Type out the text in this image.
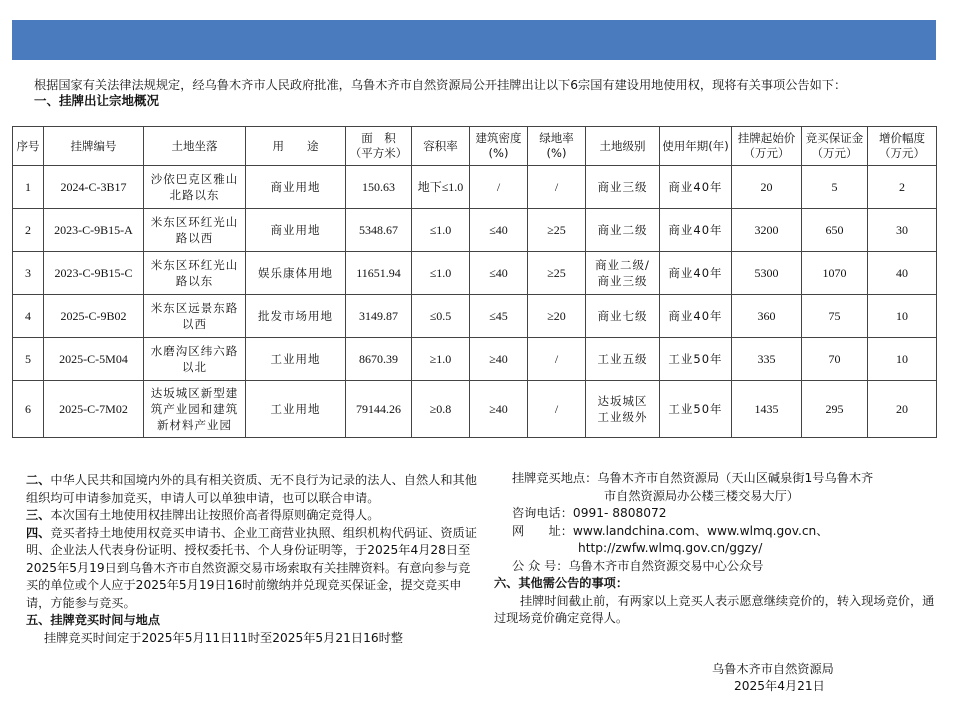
根据国家有关法律法规规定，经乌鲁木齐市人民政府批准，乌鲁木齐市自然资源局公开挂牌出让以下6宗国有建设用地使用权，现将有关事项公告如下：
一、挂牌出让宗地概况
序号	挂牌编号	土地坐落	用　　途	面　积
（平方米）	容积率	建筑密度
(%)	绿地率
(%)	土地级别	使用年期(年)	挂牌起始价
（万元）	竞买保证金
（万元）	增价幅度
（万元）
1	2024-C-3B17	沙依巴克区雅山
北路以东	商业用地	150.63	地下≤1.0	/	/	商业三级	商业40年	20	5	2
2	2023-C-9B15-A	米东区环红光山
路以西	商业用地	5348.67	≤1.0	≤40	≥25	商业二级	商业40年	3200	650	30
3	2023-C-9B15-C	米东区环红光山
路以东	娱乐康体用地	11651.94	≤1.0	≤40	≥25	商业二级/
商业三级	商业40年	5300	1070	40
4	2025-C-9B02	米东区远景东路
以西	批发市场用地	3149.87	≤0.5	≤45	≥20	商业七级	商业40年	360	75	10
5	2025-C-5M04	水磨沟区纬六路
以北	工业用地	8670.39	≥1.0	≥40	/	工业五级	工业50年	335	70	10
6	2025-C-7M02	达坂城区新型建
筑产业园和建筑
新材料产业园	工业用地	79144.26	≥0.8	≥40	/	达坂城区
工业级外	工业50年	1435	295	20

二、中华人民共和国境内外的具有相关资质、无不良行为记录的法人、自然人和其他组织均可申请参加竞买，申请人可以单独申请，也可以联合申请。

三、本次国有土地使用权挂牌出让按照价高者得原则确定竞得人。

四、竞买者持土地使用权竞买申请书、企业工商营业执照、组织机构代码证、资质证明、企业法人代表身份证明、授权委托书、个人身份证明等，于2025年4月28日至2025年5月19日到乌鲁木齐市自然资源交易市场索取有关挂牌资料。有意向参与竞买的单位或个人应于2025年5月19日16时前缴纳并兑现竞买保证金，提交竞买申请，方能参与竞买。

五、挂牌竞买时间与地点

挂牌竞买时间定于2025年5月11日11时至2025年5月21日16时整

挂牌竞买地点：乌鲁木齐市自然资源局（天山区碱泉街1号乌鲁木齐

市自然资源局办公楼三楼交易大厅）

咨询电话：0991- 8808072

网　　址：www.landchina.com、www.wlmq.gov.cn、

http://zwfw.wlmq.gov.cn/ggzy/

公 众 号：乌鲁木齐市自然资源交易中心公众号

六、其他需公告的事项：

挂牌时间截止前，有两家以上竞买人表示愿意继续竞价的，转入现场竞价，通过现场竞价确定竞得人。

乌鲁木齐市自然资源局
2025年4月21日
